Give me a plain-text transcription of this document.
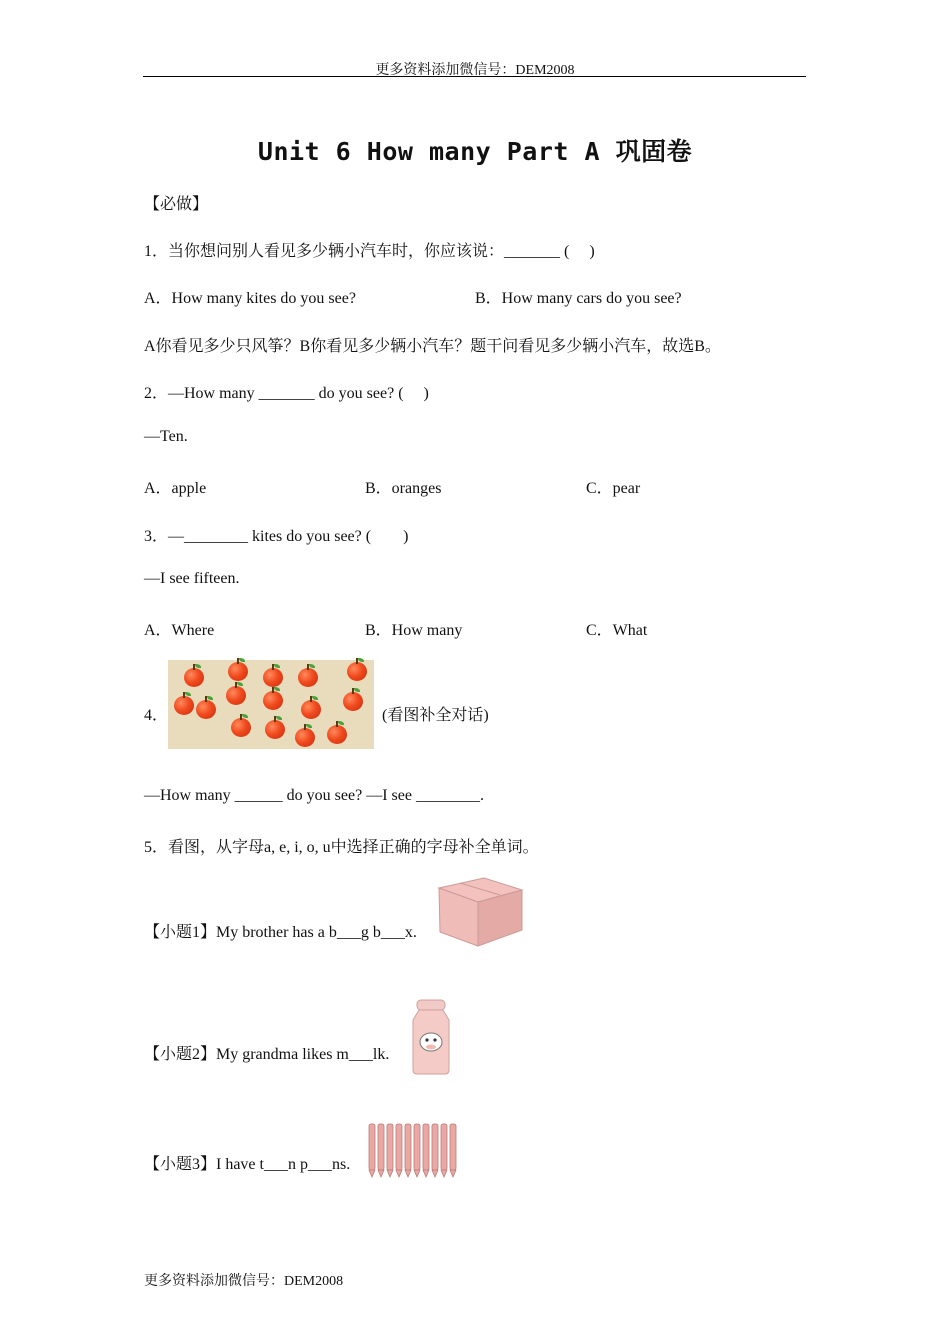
更多资料添加微信号：DEM2008
Unit 6 How many Part A 巩固卷
【必做】
1．当你想问别人看见多少辆小汽车时，你应该说：_______ (　 )
A．How many kites do you see?	B．How many cars do you see?
A你看见多少只风筝？B你看见多少辆小汽车？题干问看见多少辆小汽车，故选B。
2．—How many _______ do you see? (　 )
—Ten.
A．apple	B．oranges	C．pear
3．—________ kites do you see? (　　)
—I see fifteen.
A．Where	B．How many	C．What
4．	(看图补全对话)
—How many ______ do you see? —I see ________.
5．看图，从字母a, e, i, o, u中选择正确的字母补全单词。
【小题1】My brother has a b___g b___x.
【小题2】My grandma likes m___lk.
【小题3】I have t___n p___ns.
更多资料添加微信号：DEM2008
